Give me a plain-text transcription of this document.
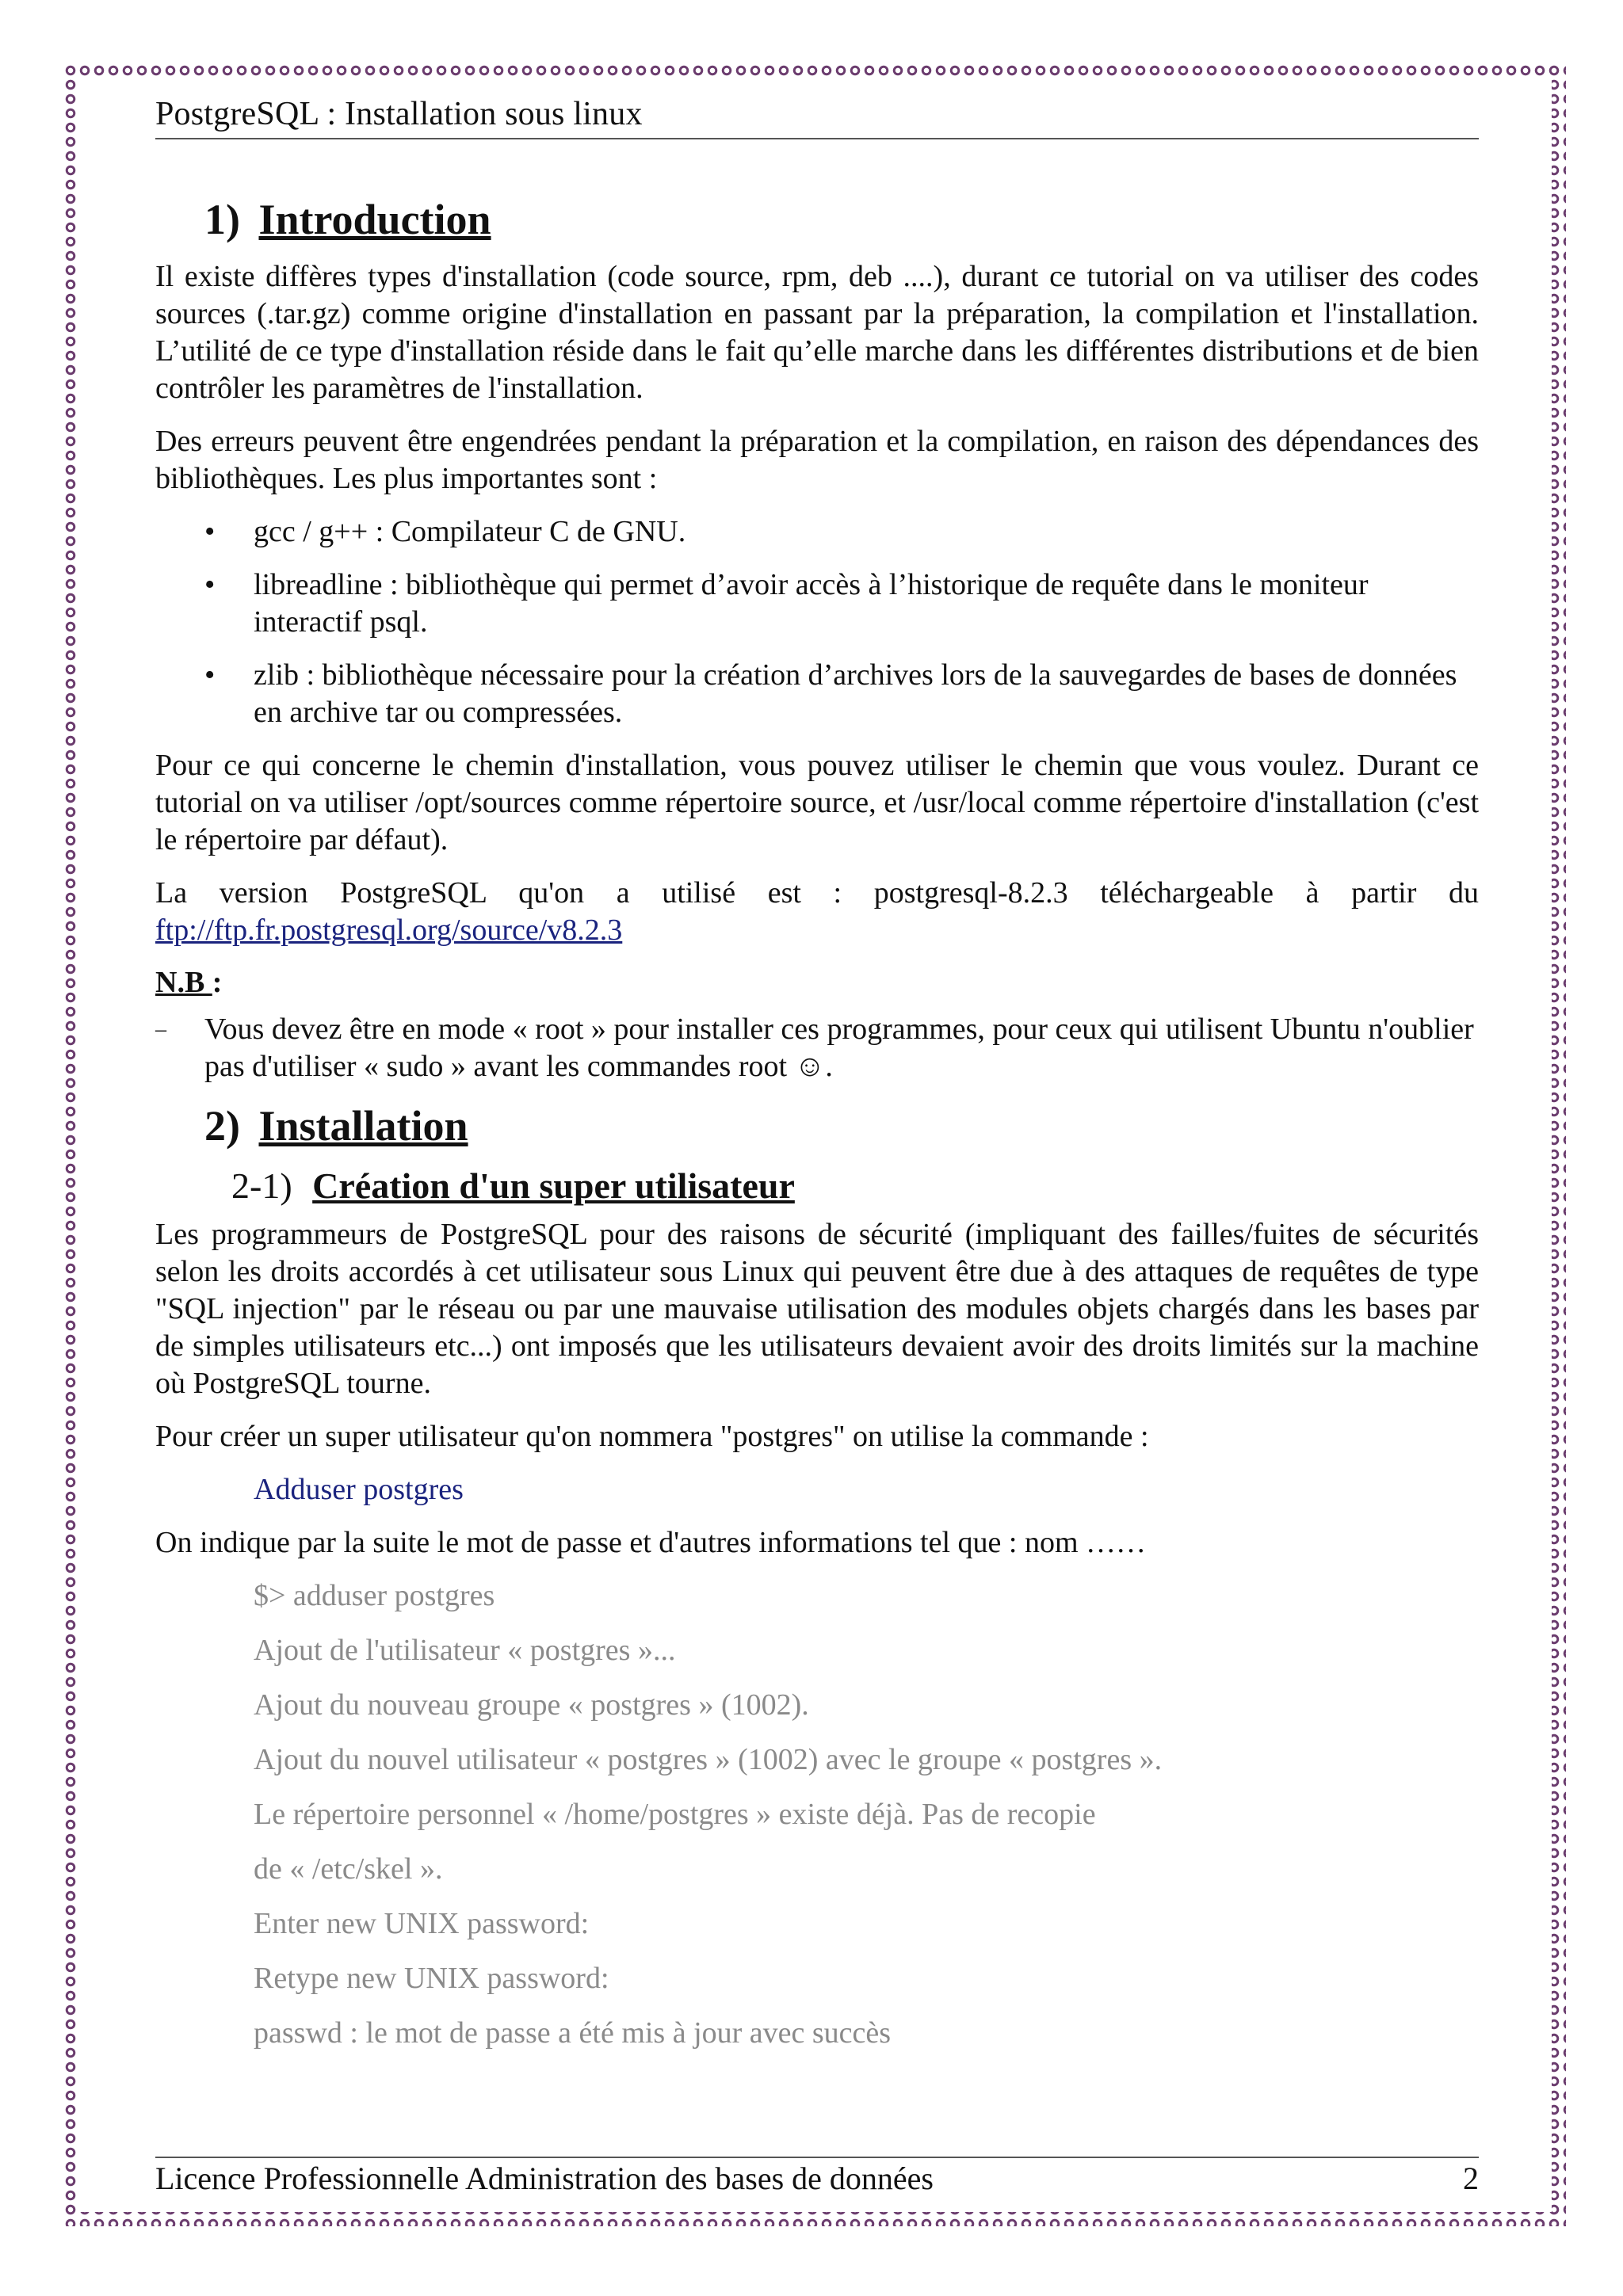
PostgreSQL : Installation sous linux
1) Introduction

Il existe diffères types d'installation (code source, rpm, deb ....), durant ce tutorial on va utiliser des codes sources (.tar.gz) comme origine d'installation en passant par la préparation, la compilation et l'installation. L’utilité de ce type d'installation réside dans le fait qu’elle marche dans les différentes distributions et de bien contrôler les paramètres de l'installation.

Des erreurs peuvent être engendrées pendant la préparation et la compilation, en raison des dépendances des bibliothèques. Les plus importantes sont :

• gcc / g++ : Compilateur C de GNU.
• libreadline : bibliothèque qui permet d’avoir accès à l’historique de requête dans le moniteur interactif psql.
• zlib : bibliothèque nécessaire pour la création d’archives lors de la sauvegardes de bases de données en archive tar ou compressées.

Pour ce qui concerne le chemin d'installation, vous pouvez utiliser le chemin que vous voulez. Durant ce tutorial on va utiliser /opt/sources comme répertoire source, et /usr/local comme répertoire d'installation (c'est le répertoire par défaut).

La version PostgreSQL qu'on a utilisé est : postgresql-8.2.3 téléchargeable à partir du ftp://ftp.fr.postgresql.org/source/v8.2.3

N.B :
– Vous devez être en mode « root » pour installer ces programmes, pour ceux qui utilisent Ubuntu n'oublier pas d'utiliser « sudo » avant les commandes root ☺.
2) Installation
2-1) Création d'un super utilisateur

Les programmeurs de PostgreSQL pour des raisons de sécurité (impliquant des failles/fuites de sécurités selon les droits accordés à cet utilisateur sous Linux qui peuvent être due à des attaques de requêtes de type "SQL injection" par le réseau ou par une mauvaise utilisation des modules objets chargés dans les bases par de simples utilisateurs etc...) ont imposés que les utilisateurs devaient avoir des droits limités sur la machine où PostgreSQL tourne.

Pour créer un super utilisateur qu'on nommera "postgres" on utilise la commande :

Adduser postgres

On indique par la suite le mot de passe et d'autres informations tel que : nom ……

$> adduser postgres
Ajout de l'utilisateur « postgres »...
Ajout du nouveau groupe « postgres » (1002).
Ajout du nouvel utilisateur « postgres » (1002) avec le groupe « postgres ».
Le répertoire personnel « /home/postgres » existe déjà. Pas de recopie
de « /etc/skel ».
Enter new UNIX password:
Retype new UNIX password:
passwd : le mot de passe a été mis à jour avec succès
Licence Professionnelle Administration des bases de données	2
